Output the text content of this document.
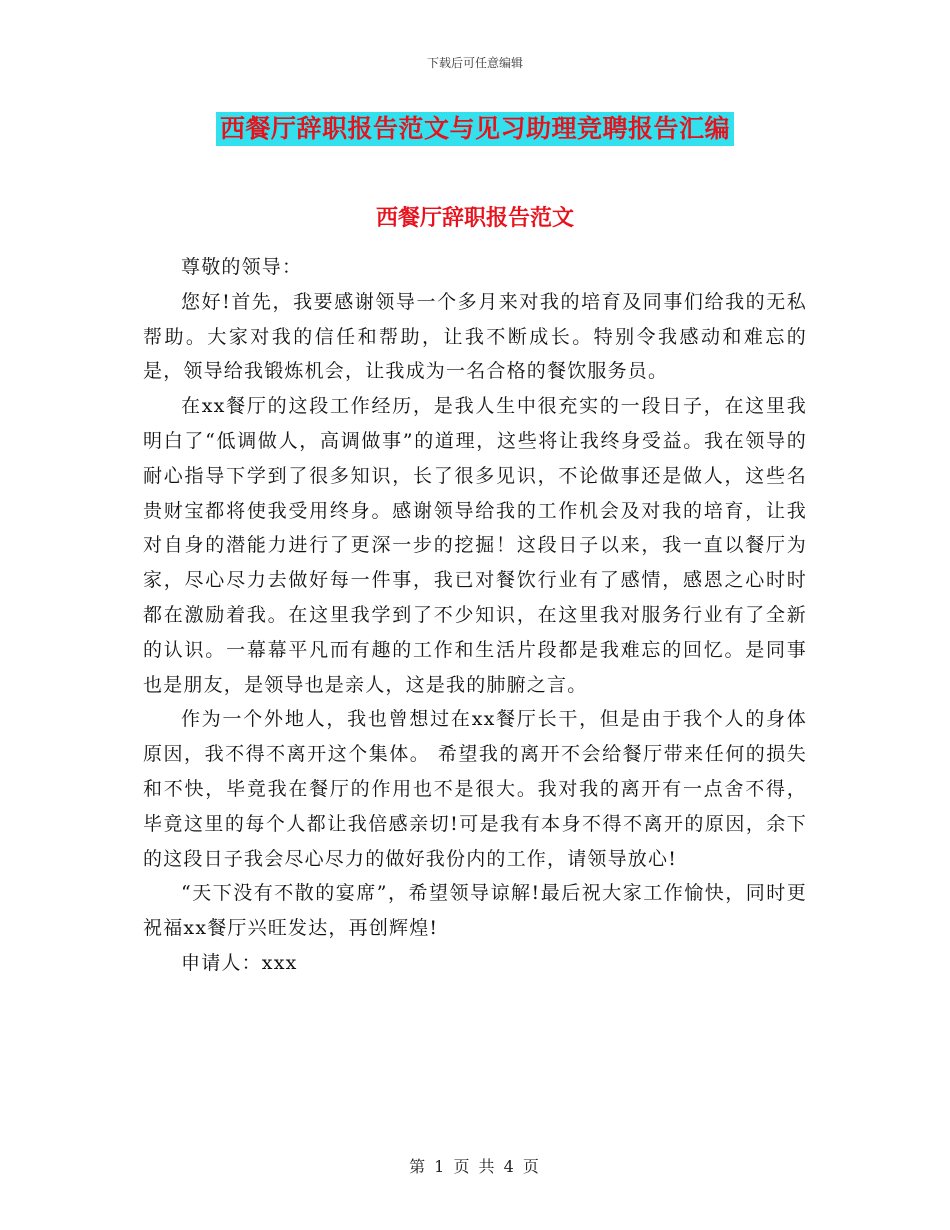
下载后可任意编辑
西餐厅辞职报告范文与见习助理竞聘报告汇编
西餐厅辞职报告范文

尊敬的领导：

您好!首先，我要感谢领导一个多月来对我的培育及同事们给我的无私帮助。大家对我的信任和帮助，让我不断成长。特别令我感动和难忘的是，领导给我锻炼机会，让我成为一名合格的餐饮服务员。

在xx餐厅的这段工作经历，是我人生中很充实的一段日子，在这里我明白了“低调做人，高调做事”的道理，这些将让我终身受益。我在领导的耐心指导下学到了很多知识，长了很多见识，不论做事还是做人，这些名贵财宝都将使我受用终身。感谢领导给我的工作机会及对我的培育，让我对自身的潜能力进行了更深一步的挖掘！这段日子以来，我一直以餐厅为家，尽心尽力去做好每一件事，我已对餐饮行业有了感情，感恩之心时时都在激励着我。在这里我学到了不少知识，在这里我对服务行业有了全新的认识。一幕幕平凡而有趣的工作和生活片段都是我难忘的回忆。是同事也是朋友，是领导也是亲人，这是我的肺腑之言。

作为一个外地人，我也曾想过在xx餐厅长干，但是由于我个人的身体原因，我不得不离开这个集体。 希望我的离开不会给餐厅带来任何的损失和不快，毕竟我在餐厅的作用也不是很大。我对我的离开有一点舍不得，毕竟这里的每个人都让我倍感亲切!可是我有本身不得不离开的原因，余下的这段日子我会尽心尽力的做好我份内的工作，请领导放心!

“天下没有不散的宴席”，希望领导谅解!最后祝大家工作愉快，同时更祝福xx餐厅兴旺发达，再创辉煌!

申请人：xxx

第 1 页 共 4 页
